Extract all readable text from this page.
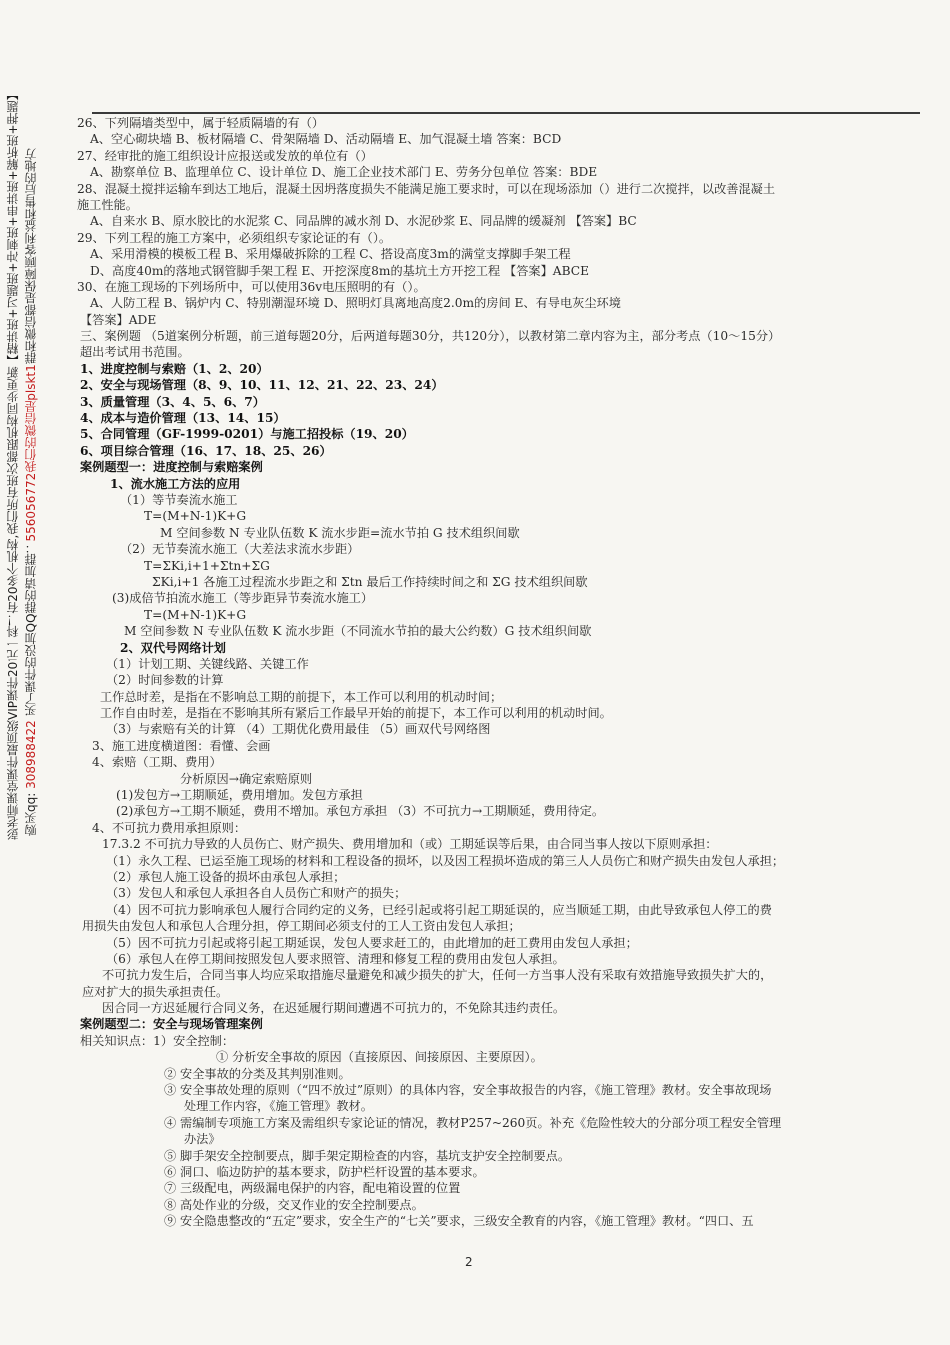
彭老师课堂课件最顶级VIP课件20元一科！有20多个机构,我们所有班次都跟机构同步更新【精讲班+习题班+冲刺班+串讲班+解析班+押题】 购买qq: 308988422 买了课件的没加QQ群的请加群：556056772我们的微信是plskt1群和微信都是保障顾客利益和售后的地方
26、下列隔墙类型中，属于轻质隔墙的有（）
A、空心砌块墙 B、板材隔墙 C、骨架隔墙 D、活动隔墙 E、加气混凝土墙 答案：BCD
27、经审批的施工组织设计应报送或发放的单位有（）
A、勘察单位 B、监理单位 C、设计单位 D、施工企业技术部门 E、劳务分包单位 答案：BDE
28、混凝土搅拌运输车到达工地后，混凝土因坍落度损失不能满足施工要求时，可以在现场添加（）进行二次搅拌，以改善混凝土
施工性能。
A、自来水 B、原水胶比的水泥浆 C、同品牌的减水剂 D、水泥砂浆 E、同品牌的缓凝剂 【答案】BC
29、下列工程的施工方案中，必须组织专家论证的有（）。
A、采用滑模的模板工程 B、采用爆破拆除的工程 C、搭设高度3m的满堂支撑脚手架工程
D、高度40m的落地式钢管脚手架工程 E、开挖深度8m的基坑土方开挖工程 【答案】ABCE
30、在施工现场的下列场所中，可以使用36v电压照明的有（）。
A、人防工程 B、锅炉内 C、特别潮湿环境 D、照明灯具离地高度2.0m的房间 E、有导电灰尘环境
【答案】ADE
三、案例题 （5道案例分析题，前三道每题20分，后两道每题30分，共120分），以教材第二章内容为主，部分考点（10～15分）
超出考试用书范围。
1、进度控制与索赔（1、2、20）
2、安全与现场管理（8、9、10、11、12、21、22、23、24）
3、质量管理（3、4、5、6、7）
4、成本与造价管理（13、14、15）
5、合同管理（GF-1999-0201）与施工招投标（19、20）
6、项目综合管理（16、17、18、25、26）
案例题型一：进度控制与索赔案例
1、流水施工方法的应用
（1）等节奏流水施工
T=(M+N-1)K+G
M 空间参数 N 专业队伍数 K 流水步距=流水节拍 G 技术组织间歇
（2）无节奏流水施工（大差法求流水步距）
T=ΣKi,i+1+Σtn+ΣG
ΣKi,i+1 各施工过程流水步距之和 Σtn 最后工作持续时间之和 ΣG 技术组织间歇
(3)成倍节拍流水施工（等步距异节奏流水施工）
T=(M+N-1)K+G
M 空间参数 N 专业队伍数 K 流水步距（不同流水节拍的最大公约数）G 技术组织间歇
2、双代号网络计划
（1）计划工期、关键线路、关键工作
（2）时间参数的计算
工作总时差，是指在不影响总工期的前提下，本工作可以利用的机动时间；
工作自由时差，是指在不影响其所有紧后工作最早开始的前提下，本工作可以利用的机动时间。
（3）与索赔有关的计算 （4）工期优化费用最佳 （5）画双代号网络图
3、施工进度横道图：看懂、会画
4、索赔（工期、费用）
分析原因→确定索赔原则
(1)发包方→工期顺延，费用增加。发包方承担
(2)承包方→工期不顺延，费用不增加。承包方承担 （3）不可抗力→工期顺延，费用待定。
4、不可抗力费用承担原则：
17.3.2 不可抗力导致的人员伤亡、财产损失、费用增加和（或）工期延误等后果，由合同当事人按以下原则承担：
（1）永久工程、已运至施工现场的材料和工程设备的损坏，以及因工程损坏造成的第三人人员伤亡和财产损失由发包人承担；
（2）承包人施工设备的损坏由承包人承担；
（3）发包人和承包人承担各自人员伤亡和财产的损失；
（4）因不可抗力影响承包人履行合同约定的义务，已经引起或将引起工期延误的，应当顺延工期，由此导致承包人停工的费
用损失由发包人和承包人合理分担，停工期间必须支付的工人工资由发包人承担；
（5）因不可抗力引起或将引起工期延误，发包人要求赶工的，由此增加的赶工费用由发包人承担；
（6）承包人在停工期间按照发包人要求照管、清理和修复工程的费用由发包人承担。
不可抗力发生后，合同当事人均应采取措施尽量避免和减少损失的扩大，任何一方当事人没有采取有效措施导致损失扩大的，
应对扩大的损失承担责任。
因合同一方迟延履行合同义务，在迟延履行期间遭遇不可抗力的，不免除其违约责任。
案例题型二：安全与现场管理案例
相关知识点：1）安全控制：
① 分析安全事故的原因（直接原因、间接原因、主要原因）。
② 安全事故的分类及其判别准则。
③ 安全事故处理的原则（“四不放过”原则）的具体内容，安全事故报告的内容，《施工管理》教材。安全事故现场
处理工作内容，《施工管理》教材。
④ 需编制专项施工方案及需组织专家论证的情况，教材P257~260页。补充《危险性较大的分部分项工程安全管理
办法》
⑤ 脚手架安全控制要点，脚手架定期检查的内容，基坑支护安全控制要点。
⑥ 洞口、临边防护的基本要求，防护栏杆设置的基本要求。
⑦ 三级配电，两级漏电保护的内容，配电箱设置的位置
⑧ 高处作业的分级，交叉作业的安全控制要点。
⑨ 安全隐患整改的“五定”要求，安全生产的“七关”要求，三级安全教育的内容，《施工管理》教材。“四口、五
2
